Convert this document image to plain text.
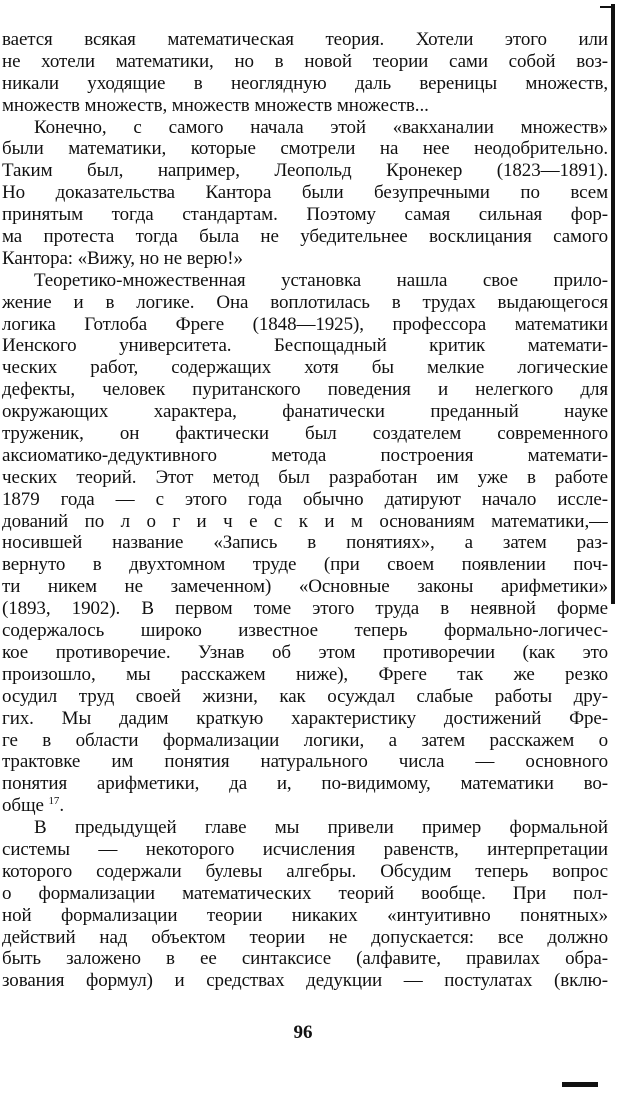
вается всякая математическая теория. Хотели этого или
не хотели математики, но в новой теории сами собой воз-
никали уходящие в неоглядную даль вереницы множеств,
множеств множеств, множеств множеств множеств...
Конечно, с самого начала этой «вакханалии множеств»
были математики, которые смотрели на нее неодобрительно.
Таким был, например, Леопольд Кронекер (1823—1891).
Но доказательства Кантора были безупречными по всем
принятым тогда стандартам. Поэтому самая сильная фор-
ма протеста тогда была не убедительнее восклицания самого
Кантора: «Вижу, но не верю!»
Теоретико-множественная установка нашла свое прило-
жение и в логике. Она воплотилась в трудах выдающегося
логика Готлоба Фреге (1848—1925), профессора математики
Иенского университета. Беспощадный критик математи-
ческих работ, содержащих хотя бы мелкие логические
дефекты, человек пуританского поведения и нелегкого для
окружающих характера, фанатически преданный науке
труженик, он фактически был создателем современного
аксиоматико-дедуктивного метода построения математи-
ческих теорий. Этот метод был разработан им уже в работе
1879 года — с этого года обычно датируют начало иссле-
дований по л о г и ч е с к и м основаниям математики,—
носившей название «Запись в понятиях», а затем раз-
вернуто в двухтомном труде (при своем появлении поч-
ти никем не замеченном) «Основные законы арифметики»
(1893, 1902). В первом томе этого труда в неявной форме
содержалось широко известное теперь формально-логичес-
кое противоречие. Узнав об этом противоречии (как это
произошло, мы расскажем ниже), Фреге так же резко
осудил труд своей жизни, как осуждал слабые работы дру-
гих. Мы дадим краткую характеристику достижений Фре-
ге в области формализации логики, а затем расскажем о
трактовке им понятия натурального числа — основного
понятия арифметики, да и, по-видимому, математики во-
обще $^{17}$.
В предыдущей главе мы привели пример формальной
системы — некоторого исчисления равенств, интерпретации
которого содержали булевы алгебры. Обсудим теперь вопрос
о формализации математических теорий вообще. При пол-
ной формализации теории никаких «интуитивно понятных»
действий над объектом теории не допускается: все должно
быть заложено в ее синтаксисе (алфавите, правилах обра-
зования формул) и средствах дедукции — постулатах (вклю-
96
